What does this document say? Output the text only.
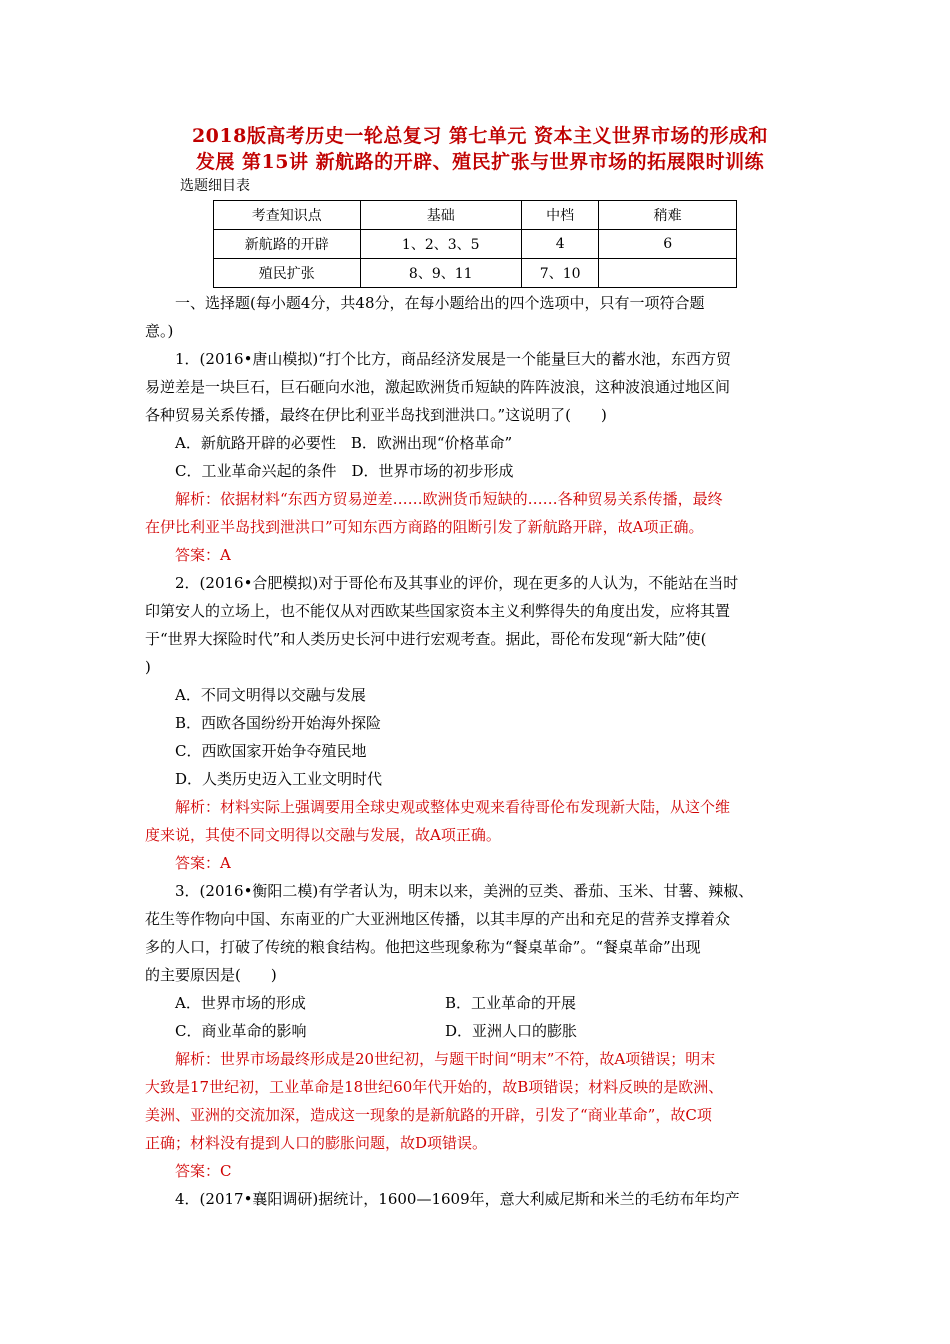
2018版高考历史一轮总复习 第七单元 资本主义世界市场的形成和
发展 第15讲 新航路的开辟、殖民扩张与世界市场的拓展限时训练
选题细目表
考查知识点	基础	中档	稍难
新航路的开辟	1、2、3、5	4	6
殖民扩张	8、9、11	7、10	

一、选择题(每小题4分，共48分，在每小题给出的四个选项中，只有一项符合题

意。)

1．(2016•唐山模拟)“打个比方，商品经济发展是一个能量巨大的蓄水池，东西方贸

易逆差是一块巨石，巨石砸向水池，激起欧洲货币短缺的阵阵波浪，这种波浪通过地区间

各种贸易关系传播，最终在伊比利亚半岛找到泄洪口。”这说明了(　　)

A．新航路开辟的必要性　B．欧洲出现“价格革命”

C．工业革命兴起的条件　D．世界市场的初步形成

解析：依据材料“东西方贸易逆差……欧洲货币短缺的……各种贸易关系传播，最终

在伊比利亚半岛找到泄洪口”可知东西方商路的阻断引发了新航路开辟，故A项正确。

答案：A

2．(2016•合肥模拟)对于哥伦布及其事业的评价，现在更多的人认为，不能站在当时

印第安人的立场上，也不能仅从对西欧某些国家资本主义利弊得失的角度出发，应将其置

于“世界大探险时代”和人类历史长河中进行宏观考查。据此，哥伦布发现“新大陆”使(

)

A．不同文明得以交融与发展

B．西欧各国纷纷开始海外探险

C．西欧国家开始争夺殖民地

D．人类历史迈入工业文明时代

解析：材料实际上强调要用全球史观或整体史观来看待哥伦布发现新大陆，从这个维

度来说，其使不同文明得以交融与发展，故A项正确。

答案：A

3．(2016•衡阳二模)有学者认为，明末以来，美洲的豆类、番茄、玉米、甘薯、辣椒、

花生等作物向中国、东南亚的广大亚洲地区传播，以其丰厚的产出和充足的营养支撑着众

多的人口，打破了传统的粮食结构。他把这些现象称为“餐桌革命”。“餐桌革命”出现

的主要原因是(　　)

A．世界市场的形成	B．工业革命的开展
C．商业革命的影响	D．亚洲人口的膨胀

解析：世界市场最终形成是20世纪初，与题干时间“明末”不符，故A项错误；明末

大致是17世纪初，工业革命是18世纪60年代开始的，故B项错误；材料反映的是欧洲、

美洲、亚洲的交流加深，造成这一现象的是新航路的开辟，引发了“商业革命”，故C项

正确；材料没有提到人口的膨胀问题，故D项错误。

答案：C

4．(2017•襄阳调研)据统计，1600—1609年，意大利威尼斯和米兰的毛纺布年均产
